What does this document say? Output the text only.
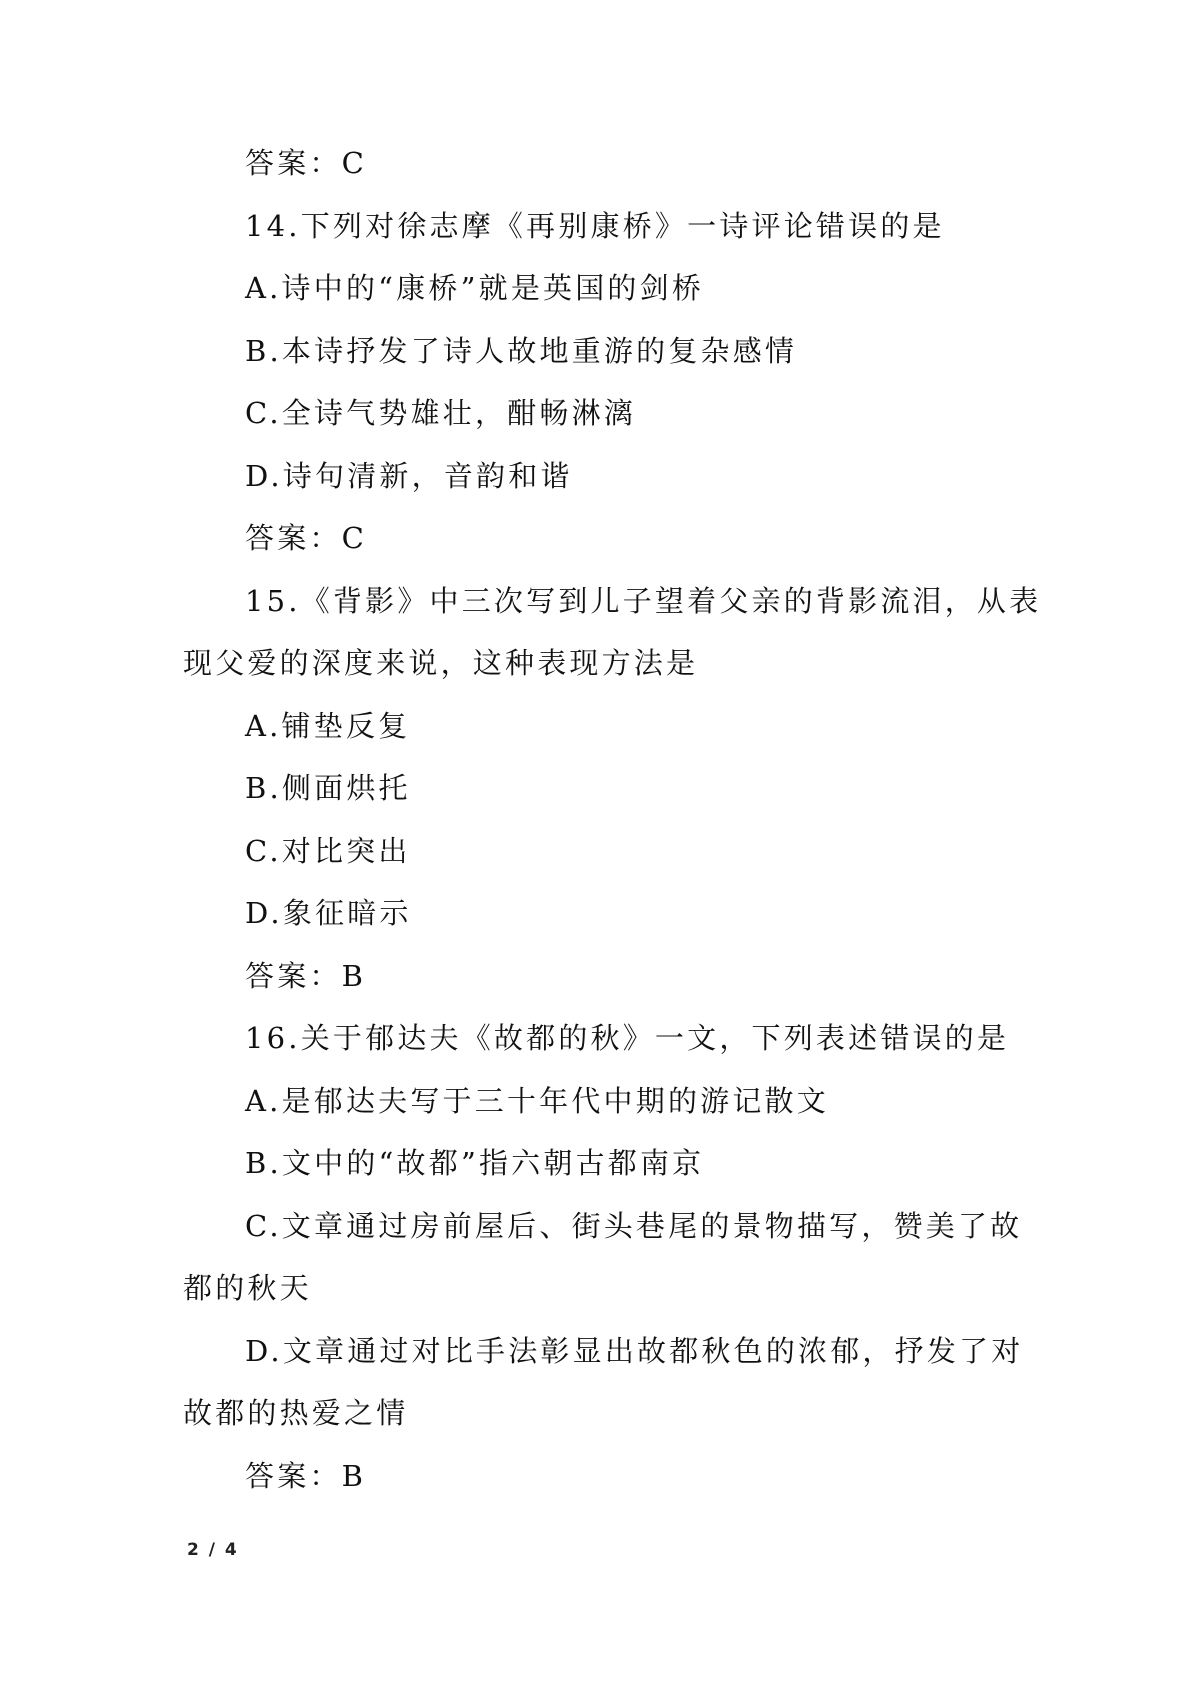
答案：C
14.下列对徐志摩《再别康桥》一诗评论错误的是
A.诗中的“康桥”就是英国的剑桥
B.本诗抒发了诗人故地重游的复杂感情
C.全诗气势雄壮，酣畅淋漓
D.诗句清新，音韵和谐
答案：C
15.《背影》中三次写到儿子望着父亲的背影流泪，从表
现父爱的深度来说，这种表现方法是
A.铺垫反复
B.侧面烘托
C.对比突出
D.象征暗示
答案：B
16.关于郁达夫《故都的秋》一文，下列表述错误的是
A.是郁达夫写于三十年代中期的游记散文
B.文中的“故都”指六朝古都南京
C.文章通过房前屋后、街头巷尾的景物描写，赞美了故
都的秋天
D.文章通过对比手法彰显出故都秋色的浓郁，抒发了对
故都的热爱之情
答案：B
2 / 4
